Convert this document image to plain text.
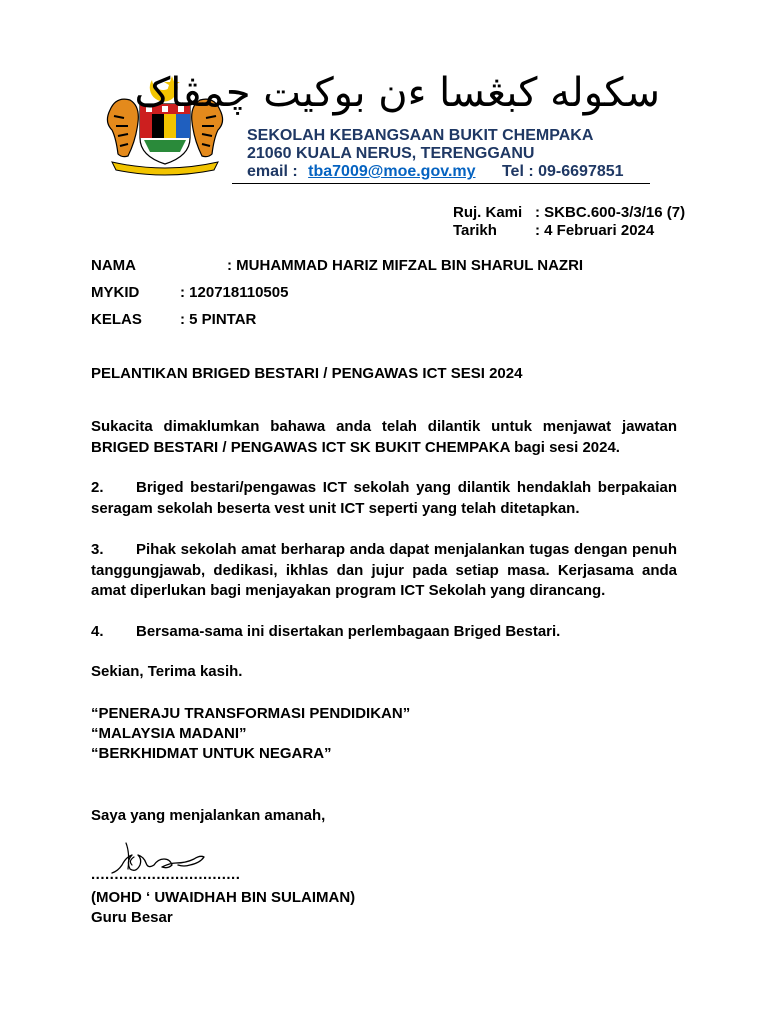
سکوله کبڠسا ءن بوکيت چمڤاک
SEKOLAH KEBANGSAAN BUKIT CHEMPAKA
21060 KUALA NERUS, TERENGGANU
email : tba7009@moe.gov.my Tel : 09-6697851
Ruj. Kami : SKBC.600-3/3/16 (7)
Tarikh	: 4 Februari 2024
NAMA	: MUHAMMAD HARIZ MIFZAL BIN SHARUL NAZRI
MYKID	: 120718110505
KELAS	: 5 PINTAR
PELANTIKAN BRIGED BESTARI / PENGAWAS ICT SESI 2024
Sukacita dimaklumkan bahawa anda telah dilantik untuk menjawat jawatan BRIGED BESTARI / PENGAWAS ICT SK BUKIT CHEMPAKA bagi sesi 2024.
2. Briged bestari/pengawas ICT sekolah yang dilantik hendaklah berpakaian seragam sekolah beserta vest unit ICT seperti yang telah ditetapkan.
3. Pihak sekolah amat berharap anda dapat menjalankan tugas dengan penuh tanggungjawab, dedikasi, ikhlas dan jujur pada setiap masa. Kerjasama anda amat diperlukan bagi menjayakan program ICT Sekolah yang dirancang.
4. Bersama-sama ini disertakan perlembagaan Briged Bestari.
Sekian, Terima kasih.
“PENERAJU TRANSFORMASI PENDIDIKAN”
“MALAYSIA MADANI”
“BERKHIDMAT UNTUK NEGARA”
Saya yang menjalankan amanah,
................................
(MOHD ‘ UWAIDHAH BIN SULAIMAN)
Guru Besar
